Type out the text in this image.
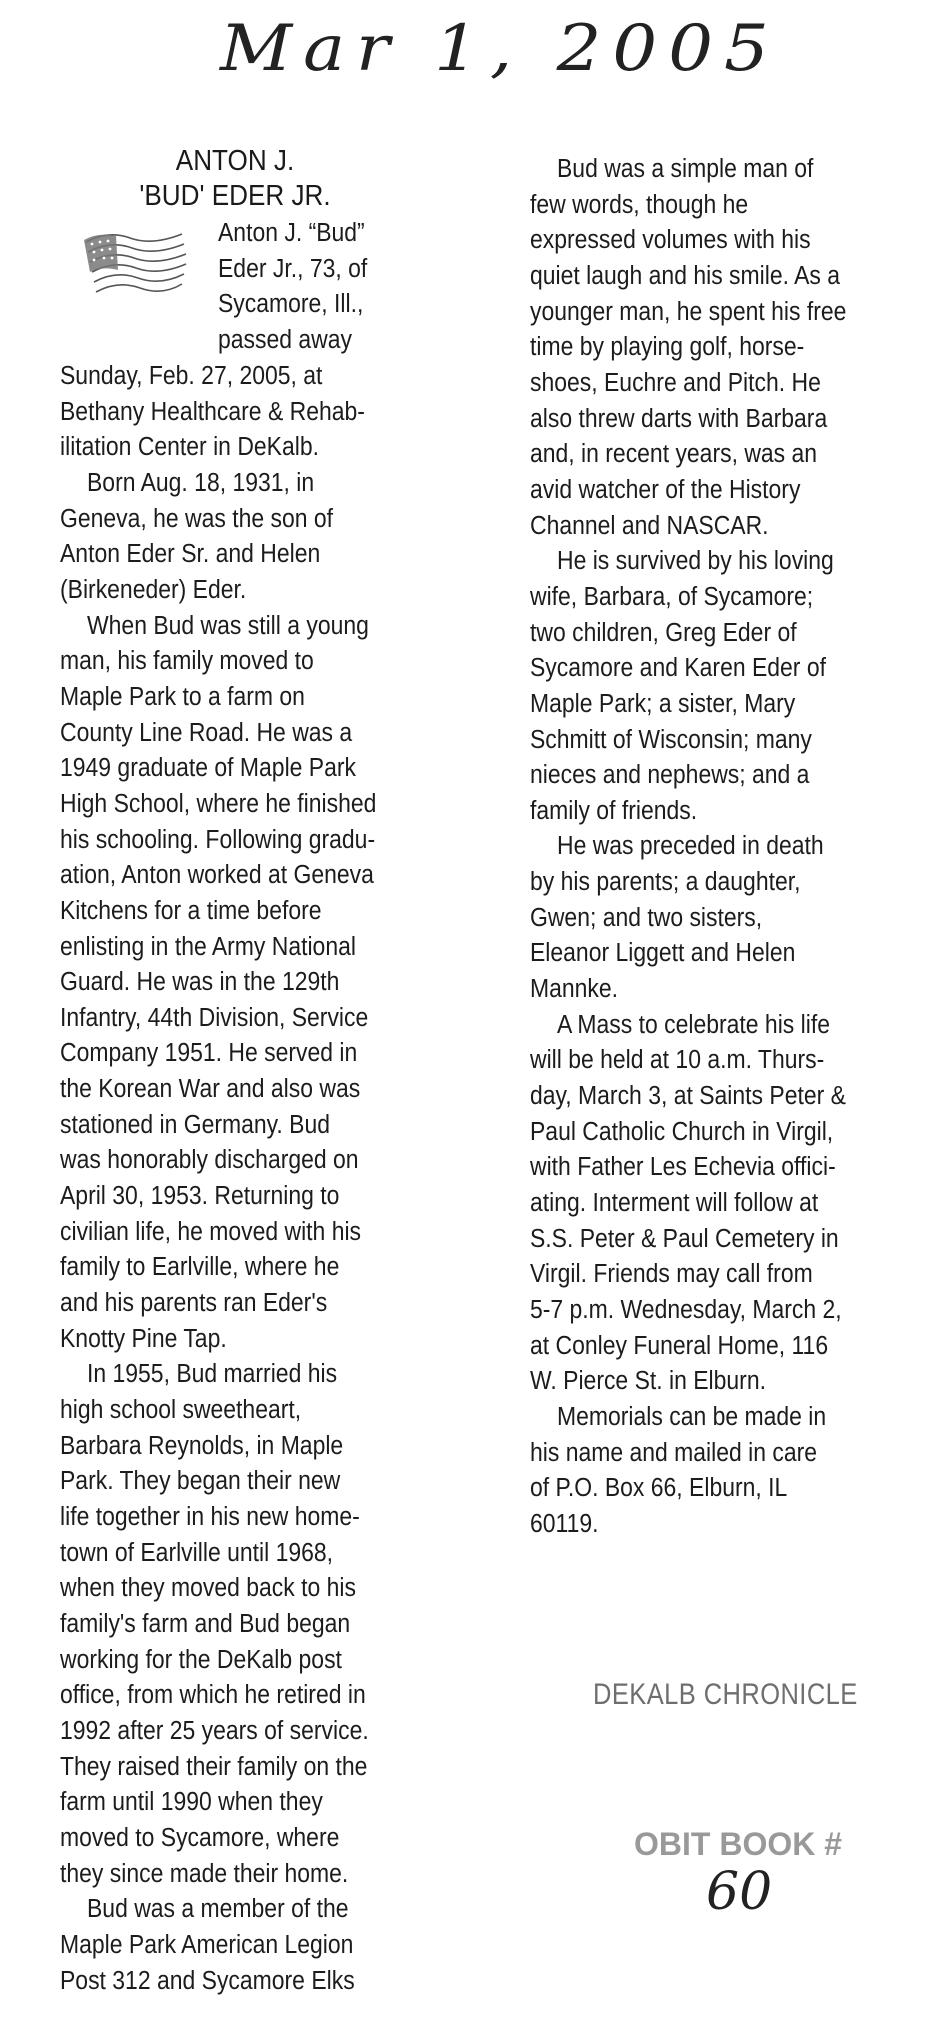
Mar 1, 2005
ANTON J.
'BUD' EDER JR.
Anton J. “Bud”
Eder Jr., 73, of
Sycamore, Ill.,
passed away
Sunday, Feb. 27, 2005, at
Bethany Healthcare & Rehab-
ilitation Center in DeKalb.
Born Aug. 18, 1931, in
Geneva, he was the son of
Anton Eder Sr. and Helen
(Birkeneder) Eder.
When Bud was still a young
man, his family moved to
Maple Park to a farm on
County Line Road. He was a
1949 graduate of Maple Park
High School, where he finished
his schooling. Following gradu-
ation, Anton worked at Geneva
Kitchens for a time before
enlisting in the Army National
Guard. He was in the 129th
Infantry, 44th Division, Service
Company 1951. He served in
the Korean War and also was
stationed in Germany. Bud
was honorably discharged on
April 30, 1953. Returning to
civilian life, he moved with his
family to Earlville, where he
and his parents ran Eder's
Knotty Pine Tap.
In 1955, Bud married his
high school sweetheart,
Barbara Reynolds, in Maple
Park. They began their new
life together in his new home-
town of Earlville until 1968,
when they moved back to his
family's farm and Bud began
working for the DeKalb post
office, from which he retired in
1992 after 25 years of service.
They raised their family on the
farm until 1990 when they
moved to Sycamore, where
they since made their home.
Bud was a member of the
Maple Park American Legion
Post 312 and Sycamore Elks
Bud was a simple man of
few words, though he
expressed volumes with his
quiet laugh and his smile. As a
younger man, he spent his free
time by playing golf, horse-
shoes, Euchre and Pitch. He
also threw darts with Barbara
and, in recent years, was an
avid watcher of the History
Channel and NASCAR.
He is survived by his loving
wife, Barbara, of Sycamore;
two children, Greg Eder of
Sycamore and Karen Eder of
Maple Park; a sister, Mary
Schmitt of Wisconsin; many
nieces and nephews; and a
family of friends.
He was preceded in death
by his parents; a daughter,
Gwen; and two sisters,
Eleanor Liggett and Helen
Mannke.
A Mass to celebrate his life
will be held at 10 a.m. Thurs-
day, March 3, at Saints Peter &
Paul Catholic Church in Virgil,
with Father Les Echevia offici-
ating. Interment will follow at
S.S. Peter & Paul Cemetery in
Virgil. Friends may call from
5-7 p.m. Wednesday, March 2,
at Conley Funeral Home, 116
W. Pierce St. in Elburn.
Memorials can be made in
his name and mailed in care
of P.O. Box 66, Elburn, IL
60119.
DEKALB CHRONICLE
OBIT BOOK #
60
